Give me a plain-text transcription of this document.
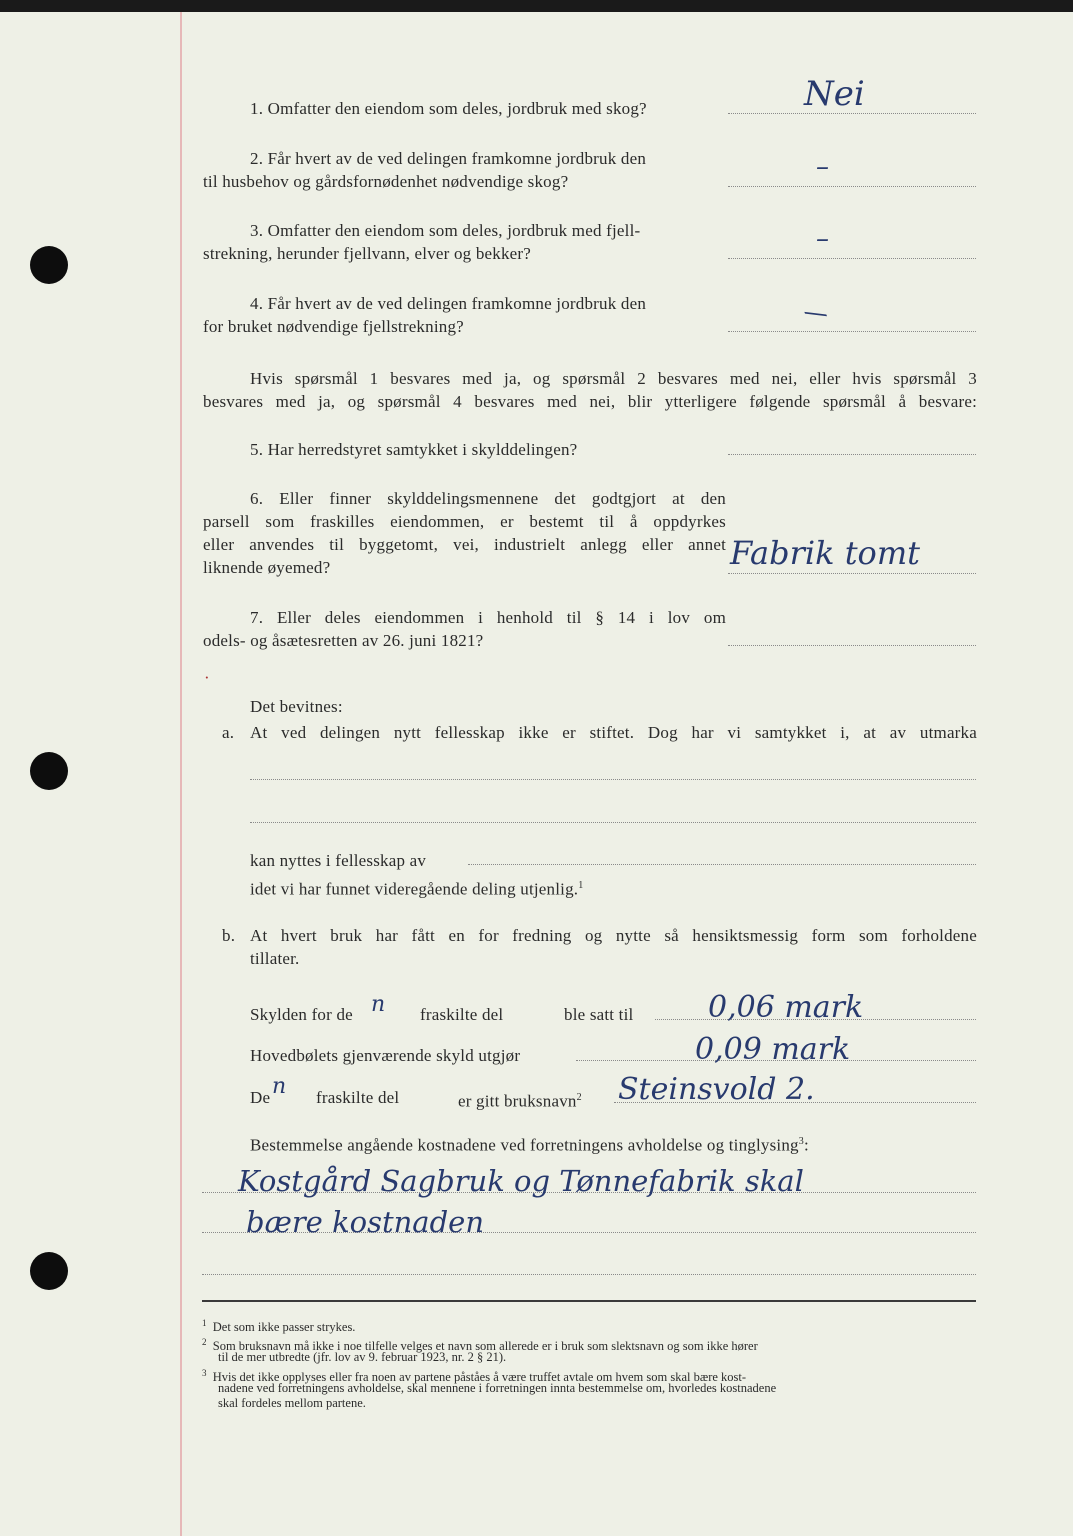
1. Omfatter den eiendom som deles, jordbruk med skog?	Nei
2. Får hvert av de ved delingen framkomne jordbruk den
til husbehov og gårdsfornødenhet nødvendige skog?	–
3. Omfatter den eiendom som deles, jordbruk med fjell-
strekning, herunder fjellvann, elver og bekker?	–
4. Får hvert av de ved delingen framkomne jordbruk den
for bruket nødvendige fjellstrekning?
/
Hvis spørsmål 1 besvares med ja, og spørsmål 2 besvares med nei, eller hvis spørsmål 3
besvares med ja, og spørsmål 4 besvares med nei, blir ytterligere følgende spørsmål å besvare:
5. Har herredstyret samtykket i skylddelingen?
6. Eller finner skylddelingsmennene det godtgjort at den
parsell som fraskilles eiendommen, er bestemt til å oppdyrkes
eller anvendes til byggetomt, vei, industrielt anlegg eller annet
liknende øyemed?	Fabrik tomt
7. Eller deles eiendommen i henhold til § 14 i lov om
odels- og åsætesretten av 26. juni 1821?
·
Det bevitnes:
a. At ved delingen nytt fellesskap ikke er stiftet. Dog har vi samtykket i, at av utmarka
kan nyttes i fellesskap av
idet vi har funnet videregående deling utjenlig.$^1$
b. At hvert bruk har fått en for fredning og nytte så hensiktsmessig form som forholdene
tillater.
Skylden for de n fraskilte del	ble satt til 0,06 mark
Hovedbølets gjenværende skyld utgjør	0,09 mark
De n fraskilte del	er gitt bruksnavn$^2$ Steinsvold 2.
Bestemmelse angående kostnadene ved forretningens avholdelse og tinglysing$^3$:
Kostgård Sagbruk og Tønnefabrik skal
bære kostnaden
$^1$ Det som ikke passer strykes.
$^2$ Som bruksnavn må ikke i noe tilfelle velges et navn som allerede er i bruk som slektsnavn og som ikke hører
til de mer utbredte (jfr. lov av 9. februar 1923, nr. 2 § 21).
$^3$ Hvis det ikke opplyses eller fra noen av partene påståes å være truffet avtale om hvem som skal bære kost-
nadene ved forretningens avholdelse, skal mennene i forretningen innta bestemmelse om, hvorledes kostnadene
skal fordeles mellom partene.
